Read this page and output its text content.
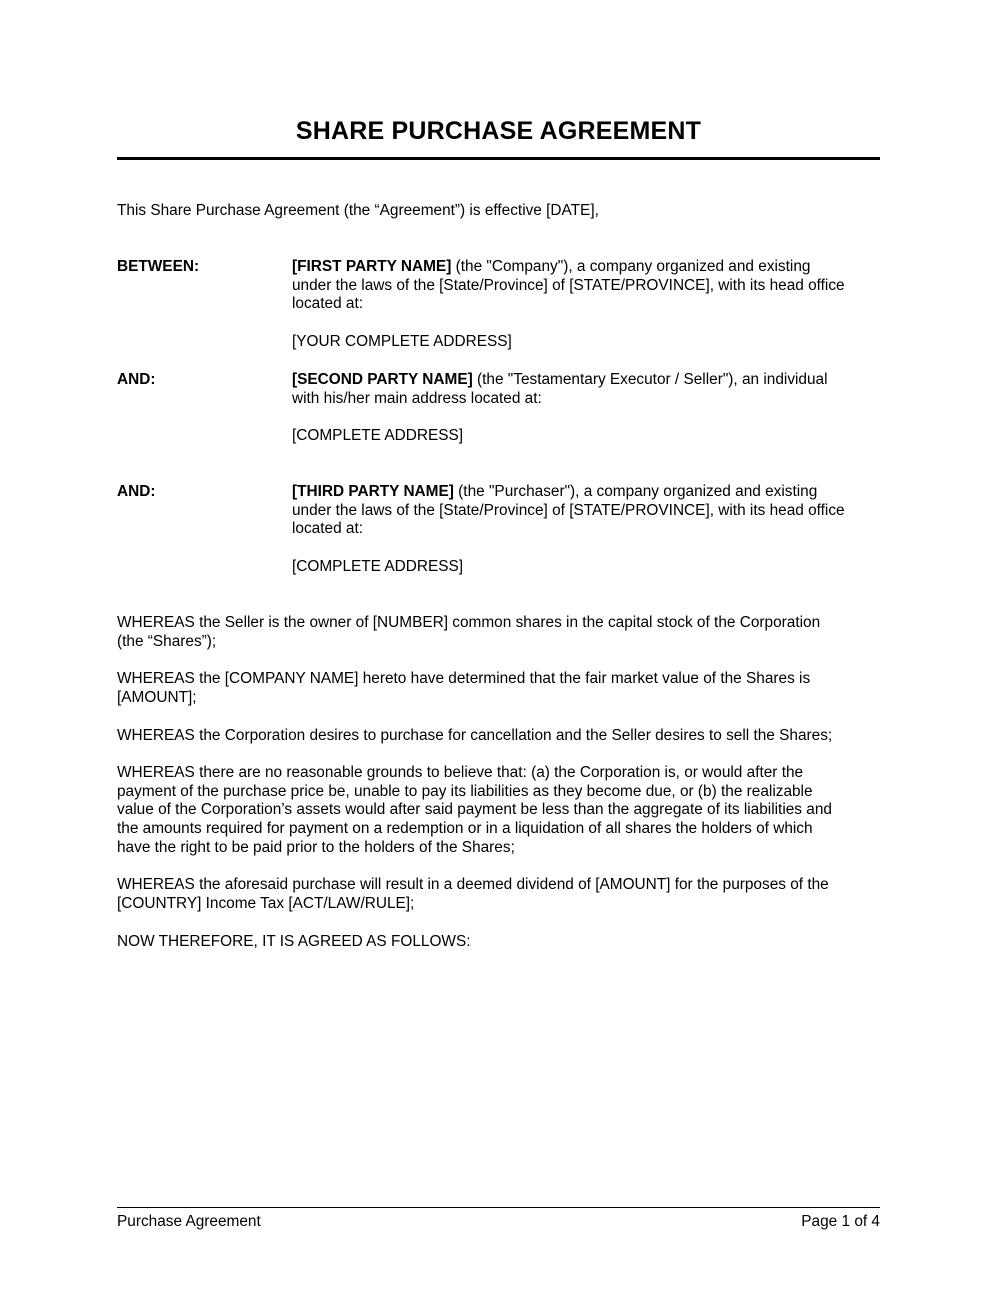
SHARE PURCHASE AGREEMENT
This Share Purchase Agreement (the “Agreement”) is effective [DATE],
BETWEEN:	[FIRST PARTY NAME] (the "Company"), a company organized and existing
under the laws of the [State/Province] of [STATE/PROVINCE], with its head office
located at:
[YOUR COMPLETE ADDRESS]
AND:	[SECOND PARTY NAME] (the "Testamentary Executor / Seller"), an individual
with his/her main address located at:
[COMPLETE ADDRESS]
AND:	[THIRD PARTY NAME] (the "Purchaser"), a company organized and existing
under the laws of the [State/Province] of [STATE/PROVINCE], with its head office
located at:
[COMPLETE ADDRESS]
WHEREAS the Seller is the owner of [NUMBER] common shares in the capital stock of the Corporation
(the “Shares”);
WHEREAS the [COMPANY NAME] hereto have determined that the fair market value of the Shares is
[AMOUNT];
WHEREAS the Corporation desires to purchase for cancellation and the Seller desires to sell the Shares;
WHEREAS there are no reasonable grounds to believe that: (a) the Corporation is, or would after the
payment of the purchase price be, unable to pay its liabilities as they become due, or (b) the realizable
value of the Corporation’s assets would after said payment be less than the aggregate of its liabilities and
the amounts required for payment on a redemption or in a liquidation of all shares the holders of which
have the right to be paid prior to the holders of the Shares;
WHEREAS the aforesaid purchase will result in a deemed dividend of [AMOUNT] for the purposes of the
[COUNTRY] Income Tax [ACT/LAW/RULE];
NOW THEREFORE, IT IS AGREED AS FOLLOWS:
Purchase Agreement	Page 1 of 4
